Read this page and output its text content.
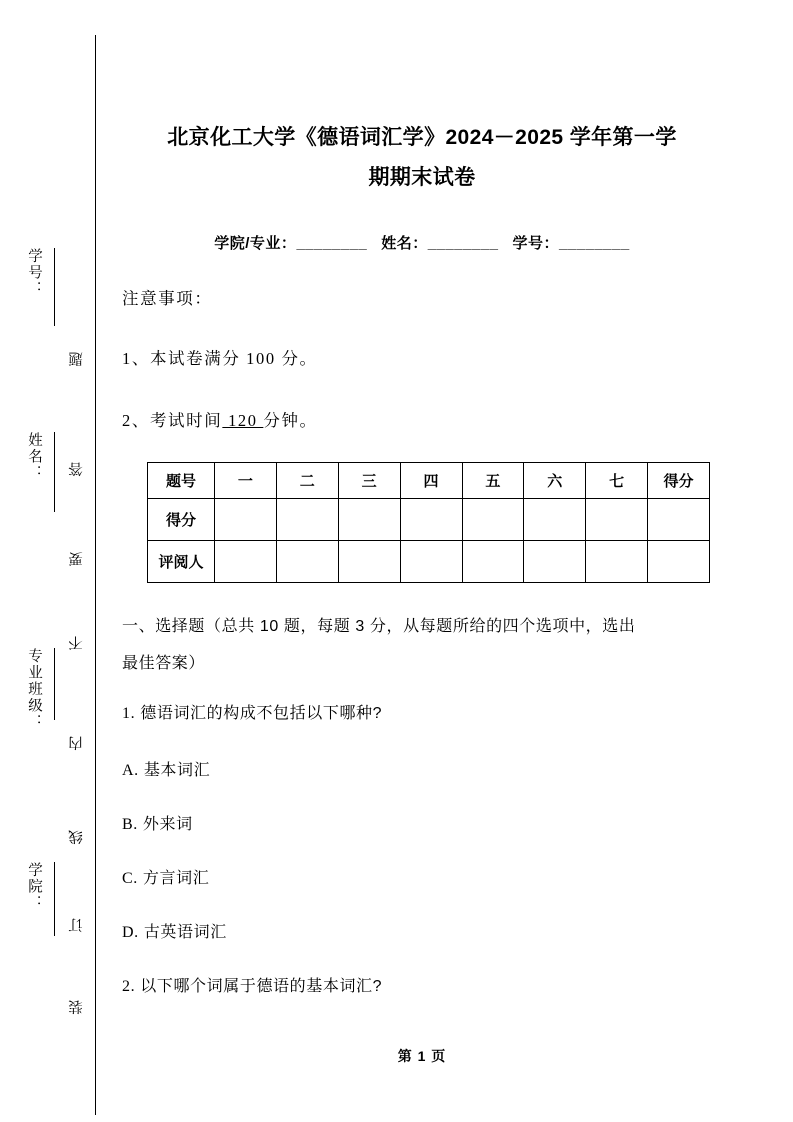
学号：
姓名：
专业班级：
学院：
题
答
要
不
内
线
订
装
北京化工大学《德语词汇学》2024－2025 学年第一学
期期末试卷
学院/专业：________ 姓名：________ 学号：________
注意事项：
1、本试卷满分 100 分。
2、考试时间 120 分钟。
题号	一	二	三	四	五	六	七	得分
得分								
评阅人								
一、选择题（总共 10 题，每题 3 分，从每题所给的四个选项中，选出
最佳答案）
1. 德语词汇的构成不包括以下哪种?
A. 基本词汇
B. 外来词
C. 方言词汇
D. 古英语词汇
2. 以下哪个词属于德语的基本词汇?
第 1 页
